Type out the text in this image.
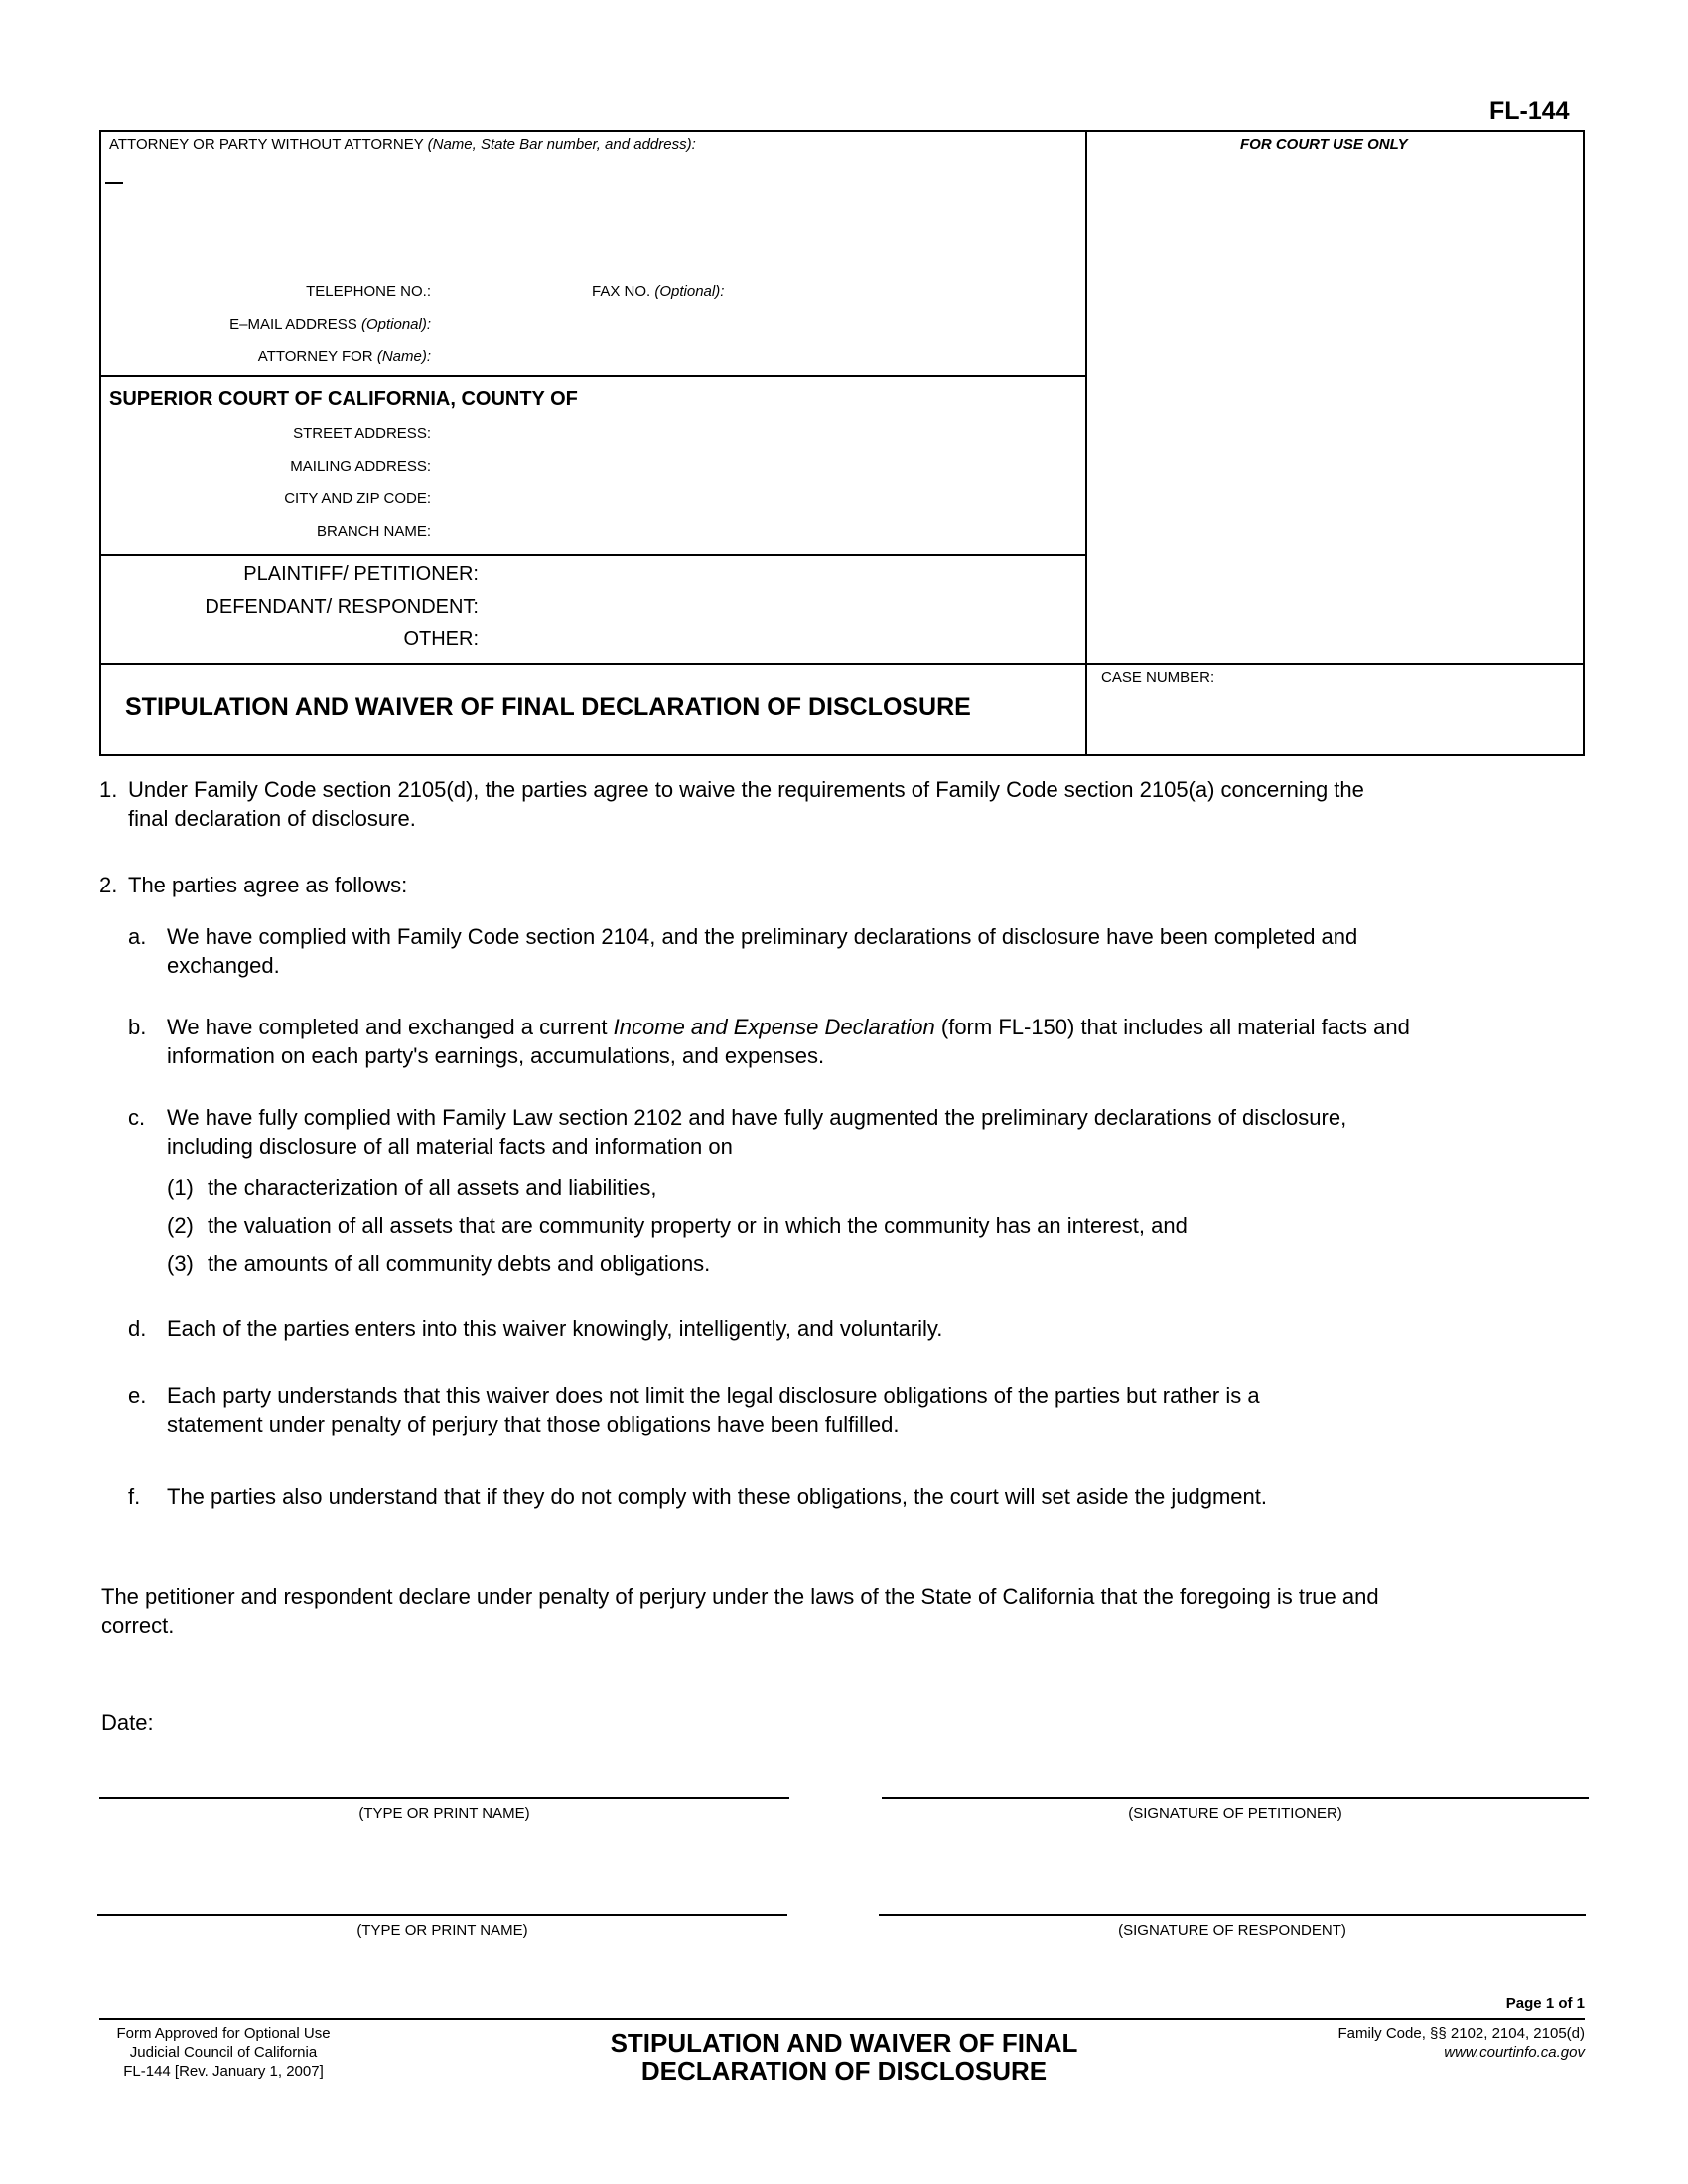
FL-144
ATTORNEY OR PARTY WITHOUT ATTORNEY (Name, State Bar number, and address):	FOR COURT USE ONLY
TELEPHONE NO.:	FAX NO. (Optional):
E–MAIL ADDRESS (Optional):
ATTORNEY FOR (Name):
SUPERIOR COURT OF CALIFORNIA, COUNTY OF
STREET ADDRESS:
MAILING ADDRESS:
CITY AND ZIP CODE:
BRANCH NAME:
PLAINTIFF/ PETITIONER:
DEFENDANT/ RESPONDENT:
OTHER:
STIPULATION AND WAIVER OF FINAL DECLARATION OF DISCLOSURE
CASE NUMBER:
1. Under Family Code section 2105(d), the parties agree to waive the requirements of Family Code section 2105(a) concerning the
final declaration of disclosure.
2. The parties agree as follows:
a. We have complied with Family Code section 2104, and the preliminary declarations of disclosure have been completed and
exchanged.
b. We have completed and exchanged a current Income and Expense Declaration (form FL-150) that includes all material facts and
information on each party's earnings, accumulations, and expenses.
c. We have fully complied with Family Law section 2102 and have fully augmented the preliminary declarations of disclosure,
including disclosure of all material facts and information on
(1) the characterization of all assets and liabilities,
(2) the valuation of all assets that are community property or in which the community has an interest, and
(3) the amounts of all community debts and obligations.
d. Each of the parties enters into this waiver knowingly, intelligently, and voluntarily.
e. Each party understands that this waiver does not limit the legal disclosure obligations of the parties but rather is a
statement under penalty of perjury that those obligations have been fulfilled.
f. The parties also understand that if they do not comply with these obligations, the court will set aside the judgment.
The petitioner and respondent declare under penalty of perjury under the laws of the State of California that the foregoing is true and
correct.
Date:
(TYPE OR PRINT NAME)	(SIGNATURE OF PETITIONER)
(TYPE OR PRINT NAME)	(SIGNATURE OF RESPONDENT)
Page 1 of 1
Form Approved for Optional Use
Judicial Council of California
FL-144 [Rev. January 1, 2007]
STIPULATION AND WAIVER OF FINAL
DECLARATION OF DISCLOSURE
Family Code, §§ 2102, 2104, 2105(d)
www.courtinfo.ca.gov
